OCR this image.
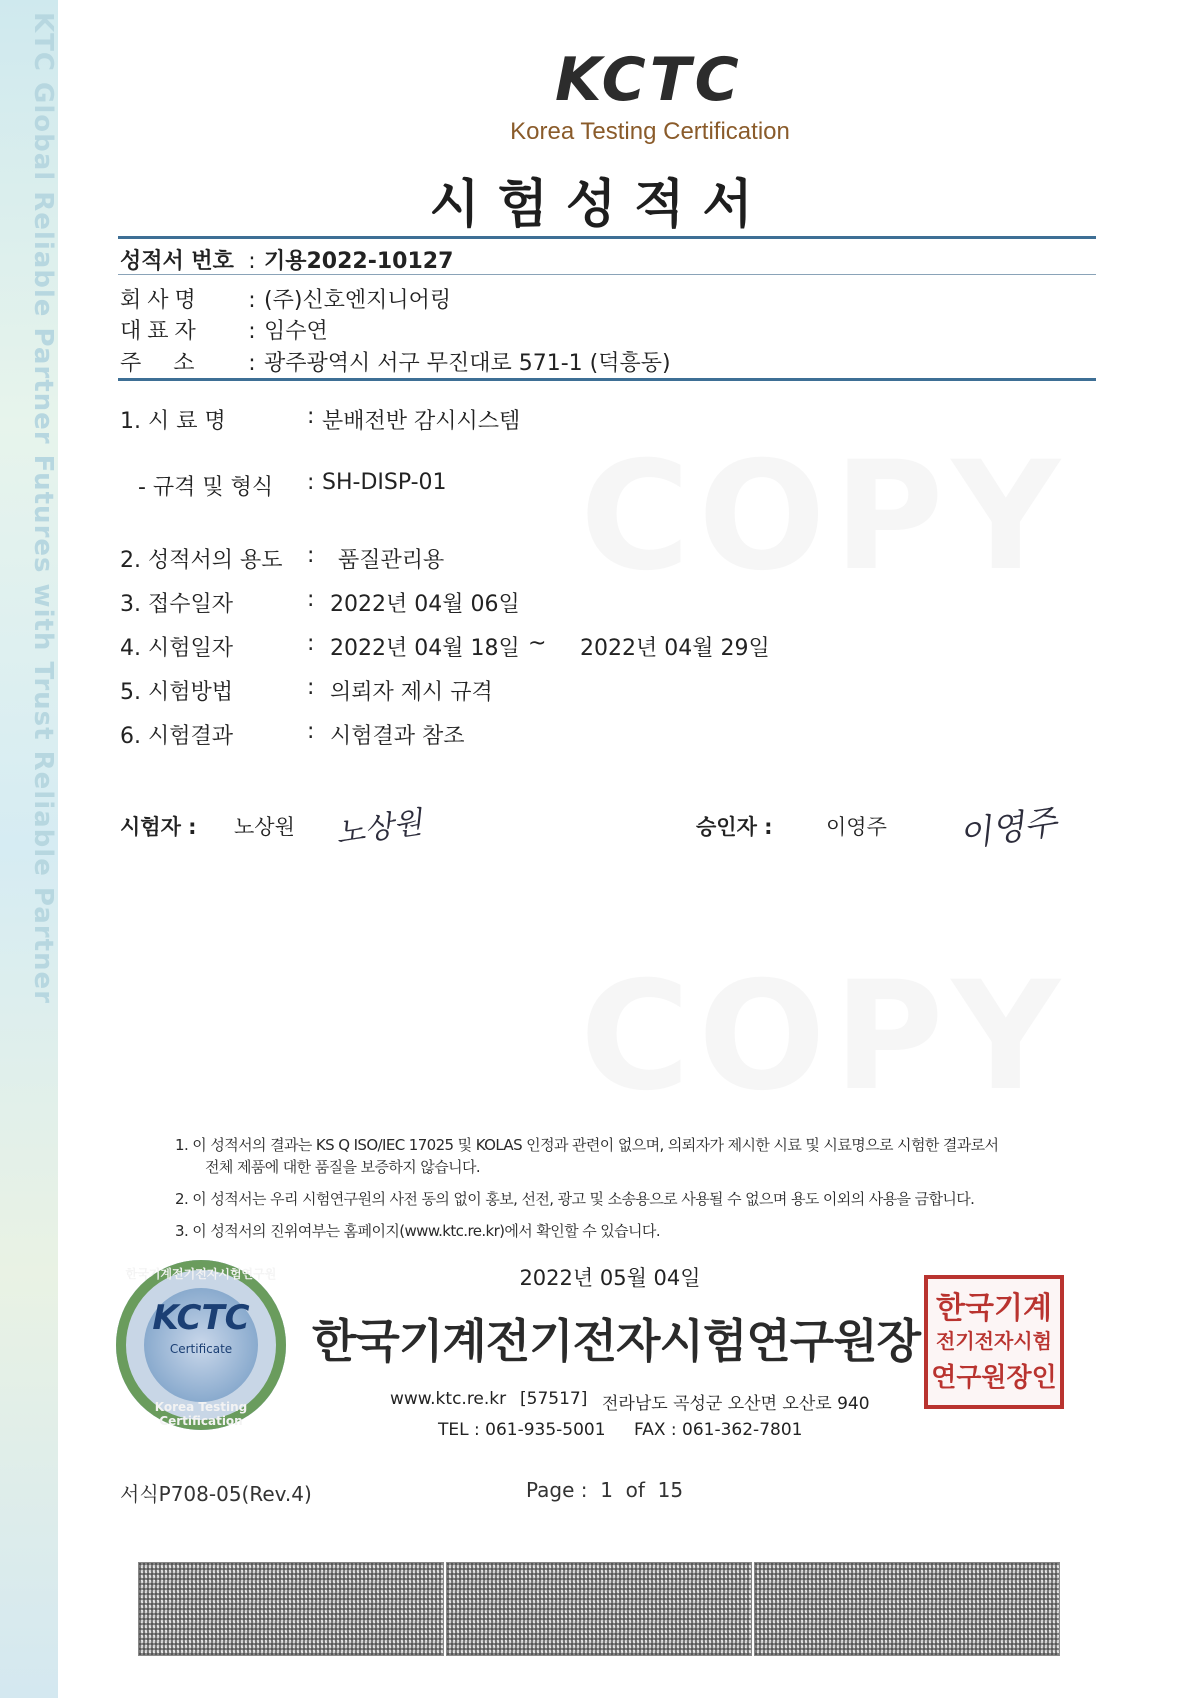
KTC Global Reliable Partner Futures with Trust Reliable Partner	KCTC
Korea Testing Certification
시험성적서
성적서 번호 : 기용2022-10127
회사명 : (주)신호엔지니어링
대표자 : 임수연
주  소 : 광주광역시 서구 무진대로 571-1 (덕흥동)
1. 시 료 명	: 분배전반 감시시스템
- 규격 및 형식 : SH-DISP-01
2. 성적서의 용도 : 품질관리용
3. 접수일자	: 2022년 04월 06일
4. 시험일자	: 2022년 04월 18일 ~ 2022년 04월 29일
5. 시험방법	: 의뢰자 제시 규격
6. 시험결과	: 시험결과 참조
시험자 : 노상원 노상원	승인자 :	이영주 이영주
1. 이 성적서의 결과는 KS Q ISO/IEC 17025 및 KOLAS 인정과 관련이 없으며, 의뢰자가 제시한 시료 및 시료명으로 시험한 결과로서
전체 제품에 대한 품질을 보증하지 않습니다.
2. 이 성적서는 우리 시험연구원의 사전 동의 없이 홍보, 선전, 광고 및 소송용으로 사용될 수 없으며 용도 이외의 사용을 금합니다.
3. 이 성적서의 진위여부는 홈페이지(www.ktc.re.kr)에서 확인할 수 있습니다.
2022년 05월 04일
한국기계전기전자시험연구원
KCTC
Certificate
Korea Testing Certification
한국기계전기전자시험연구원장
한국기계
전기전자시험
연구원장인
www.ktc.re.kr [57517] 전라남도 곡성군 오산면 오산로 940
TEL : 061-935-5001 FAX : 061-362-7801
서식P708-05(Rev.4)	Page :  1  of  15
